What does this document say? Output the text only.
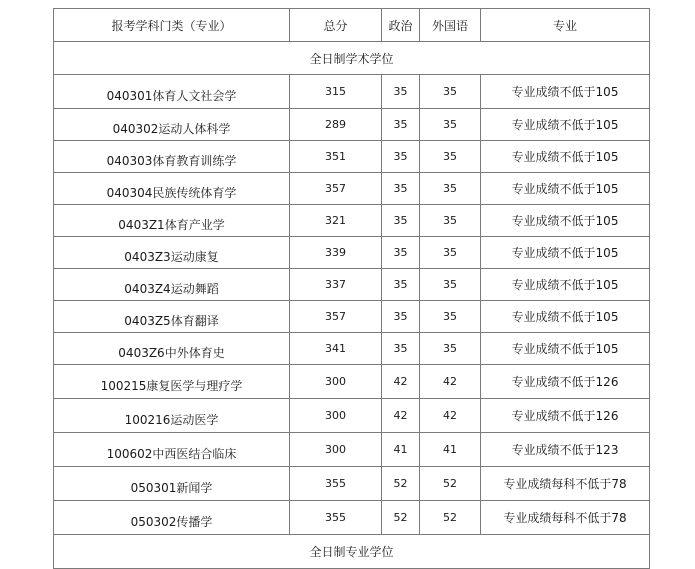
报考学科门类（专业）	总分	政治	外国语	专业
全日制学术学位				
040301体育人文社会学	315	35	35	专业成绩不低于105
040302运动人体科学	289	35	35	专业成绩不低于105
040303体育教育训练学	351	35	35	专业成绩不低于105
040304民族传统体育学	357	35	35	专业成绩不低于105
0403Z1体育产业学	321	35	35	专业成绩不低于105
0403Z3运动康复	339	35	35	专业成绩不低于105
0403Z4运动舞蹈	337	35	35	专业成绩不低于105
0403Z5体育翻译	357	35	35	专业成绩不低于105
0403Z6中外体育史	341	35	35	专业成绩不低于105
100215康复医学与理疗学	300	42	42	专业成绩不低于126
100216运动医学	300	42	42	专业成绩不低于126
100602中西医结合临床	300	41	41	专业成绩不低于123
050301新闻学	355	52	52	专业成绩每科不低于78
050302传播学	355	52	52	专业成绩每科不低于78
全日制专业学位				
